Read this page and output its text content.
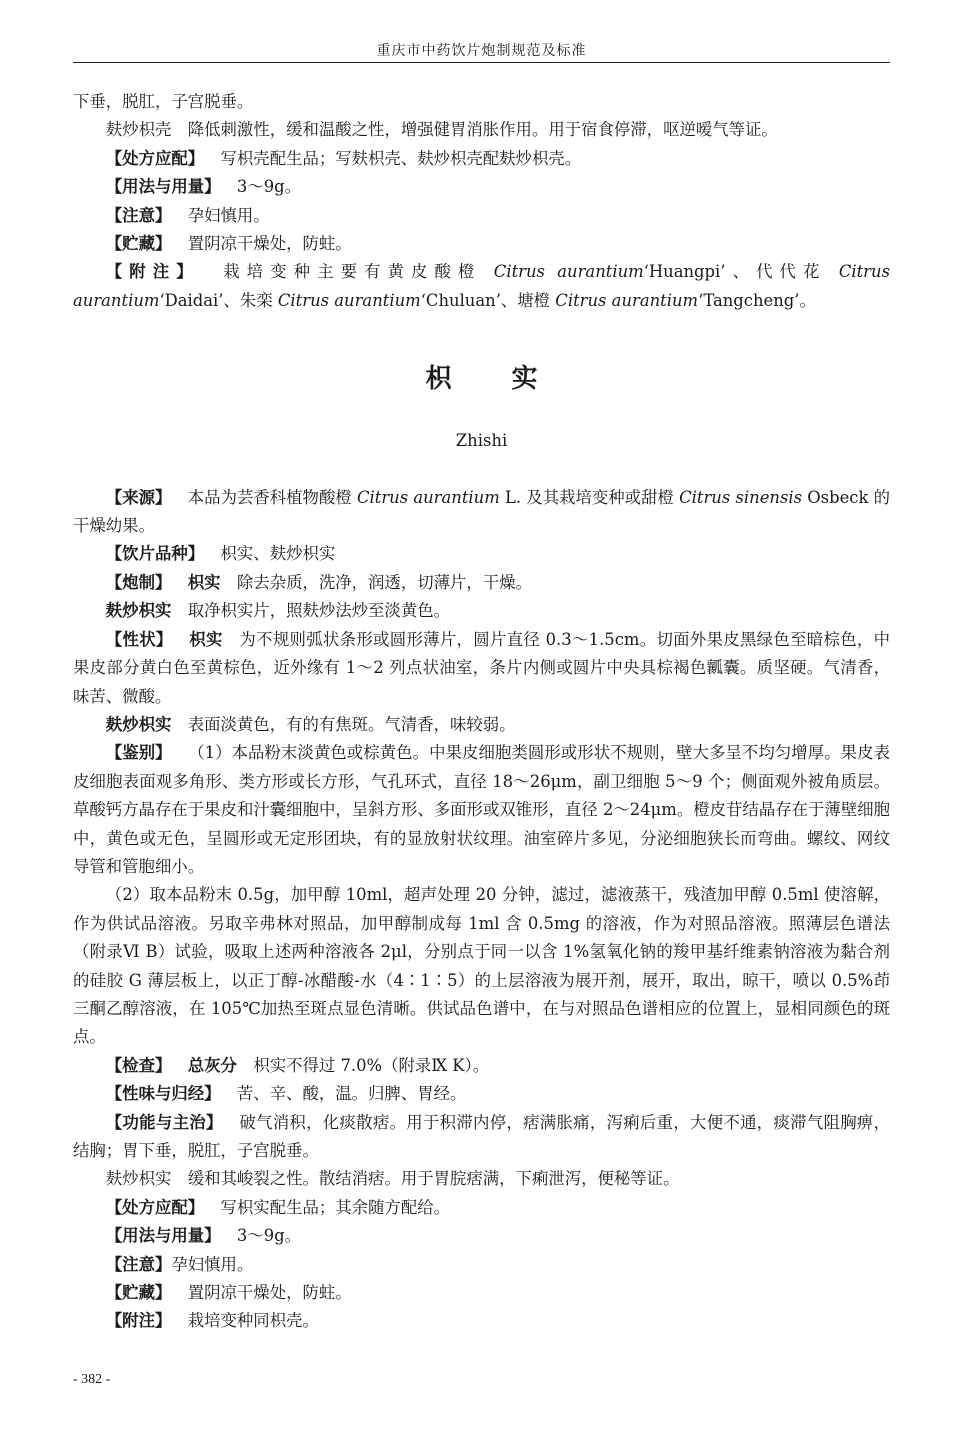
重庆市中药饮片炮制规范及标准

下垂，脱肛，子宫脱垂。

麸炒枳壳 降低刺激性，缓和温酸之性，增强健胃消胀作用。用于宿食停滞，呕逆嗳气等证。

【处方应配】 写枳壳配生品；写麸枳壳、麸炒枳壳配麸炒枳壳。

【用法与用量】 3～9g。

【注意】 孕妇慎用。

【贮藏】 置阴凉干燥处，防蛀。

【附注】 栽培变种主要有黄皮酸橙 Citrus aurantium‘Huangpi’、代代花 Citrus aurantium‘Daidai’、朱栾 Citrus aurantium‘Chuluan’、塘橙 Citrus aurantium‘Tangcheng’。

枳实

Zhishi

【来源】 本品为芸香科植物酸橙 Citrus aurantium L. 及其栽培变种或甜橙 Citrus sinensis Osbeck 的干燥幼果。

【饮片品种】 枳实、麸炒枳实

【炮制】 枳实 除去杂质，洗净，润透，切薄片，干燥。

麸炒枳实 取净枳实片，照麸炒法炒至淡黄色。

【性状】 枳实 为不规则弧状条形或圆形薄片，圆片直径 0.3～1.5cm。切面外果皮黑绿色至暗棕色，中果皮部分黄白色至黄棕色，近外缘有 1～2 列点状油室，条片内侧或圆片中央具棕褐色瓤囊。质坚硬。气清香，味苦、微酸。

麸炒枳实 表面淡黄色，有的有焦斑。气清香，味较弱。

【鉴别】 （1）本品粉末淡黄色或棕黄色。中果皮细胞类圆形或形状不规则，壁大多呈不均匀增厚。果皮表皮细胞表面观多角形、类方形或长方形，气孔环式，直径 18～26μm，副卫细胞 5～9 个；侧面观外被角质层。草酸钙方晶存在于果皮和汁囊细胞中，呈斜方形、多面形或双锥形，直径 2～24μm。橙皮苷结晶存在于薄壁细胞中，黄色或无色，呈圆形或无定形团块，有的显放射状纹理。油室碎片多见，分泌细胞狭长而弯曲。螺纹、网纹导管和管胞细小。

（2）取本品粉末 0.5g，加甲醇 10ml，超声处理 20 分钟，滤过，滤液蒸干，残渣加甲醇 0.5ml 使溶解，作为供试品溶液。另取辛弗林对照品，加甲醇制成每 1ml 含 0.5mg 的溶液，作为对照品溶液。照薄层色谱法（附录Ⅵ B）试验，吸取上述两种溶液各 2μl，分别点于同一以含 1%氢氧化钠的羧甲基纤维素钠溶液为黏合剂的硅胶 G 薄层板上，以正丁醇-冰醋酸-水（4∶1∶5）的上层溶液为展开剂，展开，取出，晾干，喷以 0.5%茚三酮乙醇溶液，在 105℃加热至斑点显色清晰。供试品色谱中，在与对照品色谱相应的位置上，显相同颜色的斑点。

【检查】 总灰分 枳实不得过 7.0%（附录Ⅸ K）。

【性味与归经】 苦、辛、酸，温。归脾、胃经。

【功能与主治】 破气消积，化痰散痞。用于积滞内停，痞满胀痛，泻痢后重，大便不通，痰滞气阻胸痹，结胸；胃下垂，脱肛，子宫脱垂。

麸炒枳实 缓和其峻裂之性。散结消痞。用于胃脘痞满，下痢泄泻，便秘等证。

【处方应配】 写枳实配生品；其余随方配给。

【用法与用量】 3～9g。

【注意】孕妇慎用。

【贮藏】 置阴凉干燥处，防蛀。

【附注】 栽培变种同枳壳。

- 382 -
